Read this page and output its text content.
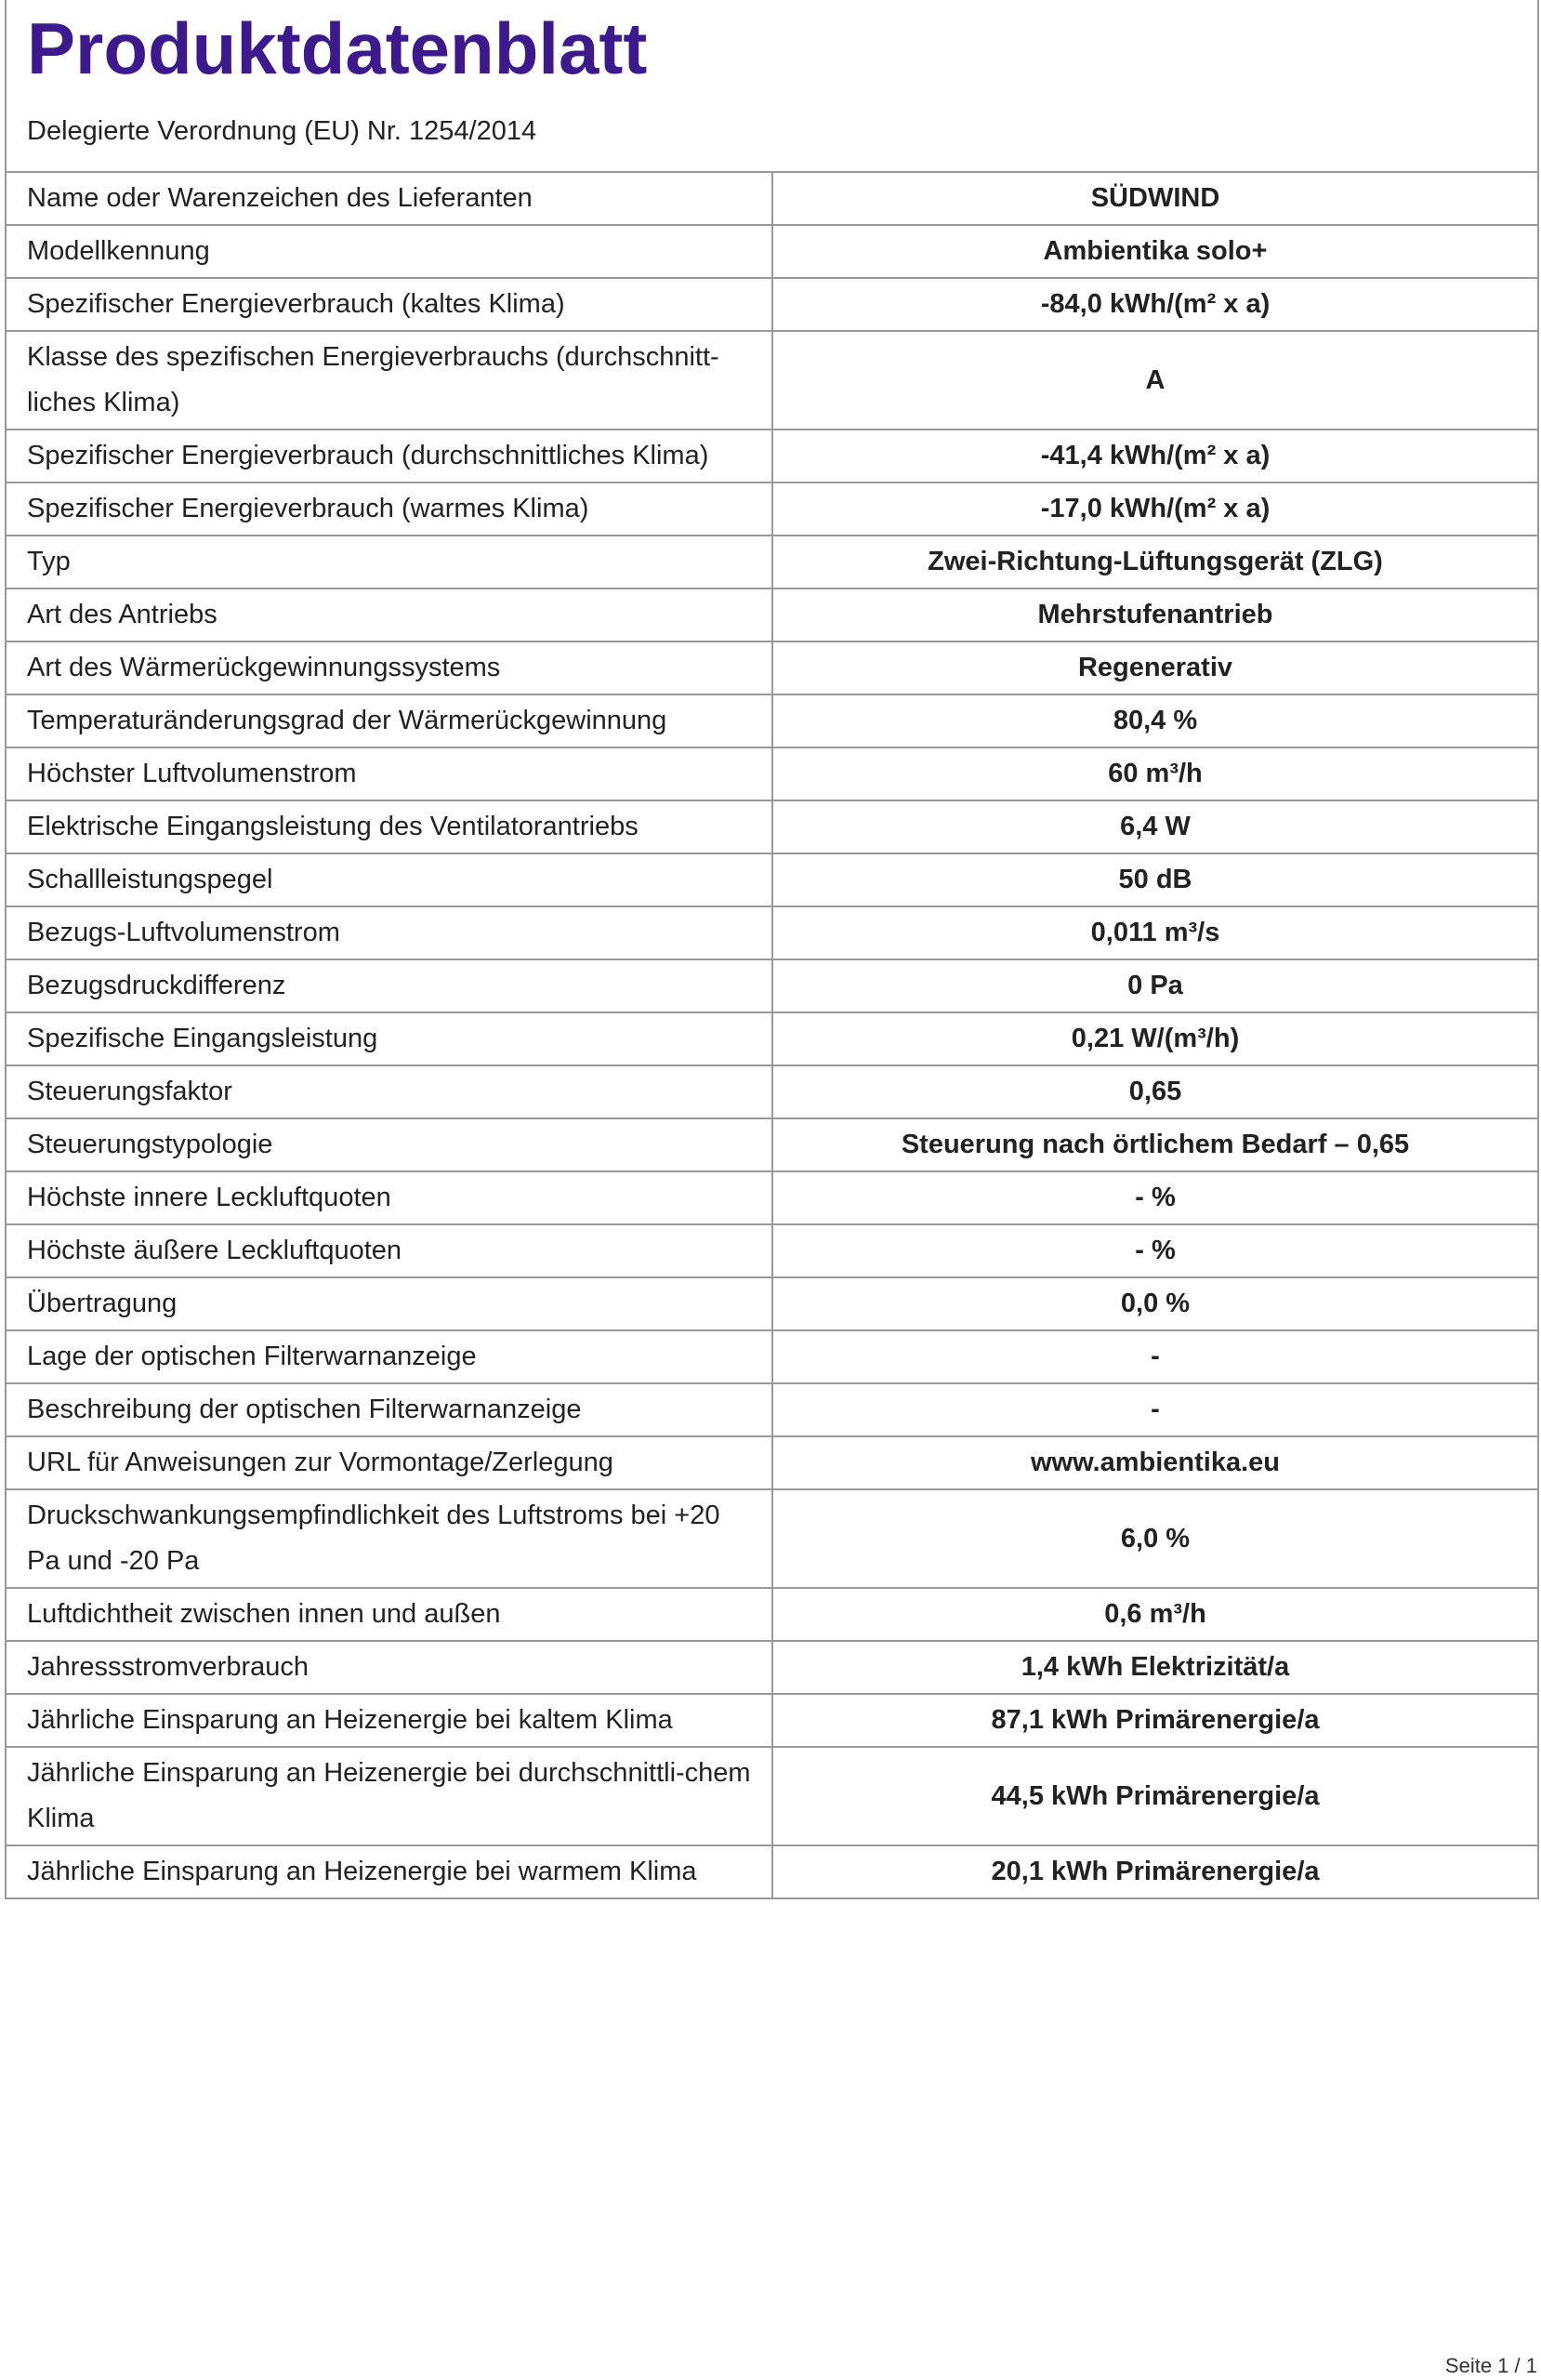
Produktdatenblatt
Delegierte Verordnung (EU) Nr. 1254/2014
Name oder Warenzeichen des Lieferanten	SÜDWIND
Modellkennung	Ambientika solo+
Spezifischer Energieverbrauch (kaltes Klima)	-84,0 kWh/(m² x a)
Klasse des spezifischen Energieverbrauchs (durchschnitt-liches Klima)	A
Spezifischer Energieverbrauch (durchschnittliches Klima)	-41,4 kWh/(m² x a)
Spezifischer Energieverbrauch (warmes Klima)	-17,0 kWh/(m² x a)
Typ	Zwei-Richtung-Lüftungsgerät (ZLG)
Art des Antriebs	Mehrstufenantrieb
Art des Wärmerückgewinnungssystems	Regenerativ
Temperaturänderungsgrad der Wärmerückgewinnung	80,4 %
Höchster Luftvolumenstrom	60 m³/h
Elektrische Eingangsleistung des Ventilatorantriebs	6,4 W
Schallleistungspegel	50 dB
Bezugs-Luftvolumenstrom	0,011 m³/s
Bezugsdruckdifferenz	0 Pa
Spezifische Eingangsleistung	0,21 W/(m³/h)
Steuerungsfaktor	0,65
Steuerungstypologie	Steuerung nach örtlichem Bedarf – 0,65
Höchste innere Leckluftquoten	- %
Höchste äußere Leckluftquoten	- %
Übertragung	0,0 %
Lage der optischen Filterwarnanzeige	-
Beschreibung der optischen Filterwarnanzeige	-
URL für Anweisungen zur Vormontage/Zerlegung	www.ambientika.eu
Druckschwankungsempfindlichkeit des Luftstroms bei +20 Pa und -20 Pa	6,0 %
Luftdichtheit zwischen innen und außen	0,6 m³/h
Jahressstromverbrauch	1,4 kWh Elektrizität/a
Jährliche Einsparung an Heizenergie bei kaltem Klima	87,1 kWh Primärenergie/a
Jährliche Einsparung an Heizenergie bei durchschnittli-chem Klima	44,5 kWh Primärenergie/a
Jährliche Einsparung an Heizenergie bei warmem Klima	20,1 kWh Primärenergie/a
Seite 1 / 1
